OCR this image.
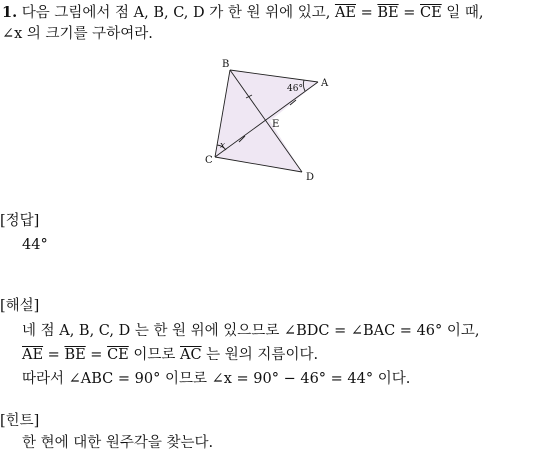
1. 다음 그림에서 점 A, B, C, D 가 한 원 위에 있고, $\overline{AE} = \overline{BE} = \overline{CE}$ 일 때,
∠x 의 크기를 구하여라.
B
A
C
D
E
46°
x
[정답]
44°
[해설]
네 점 A, B, C, D 는 한 원 위에 있으므로 ∠BDC = ∠BAC = 46° 이고,
$\overline{AE} = \overline{BE} = \overline{CE}$ 이므로 $\overline{AC}$ 는 원의 지름이다.
따라서 ∠ABC = 90° 이므로 ∠x = 90° − 46° = 44° 이다.
[힌트]
한 현에 대한 원주각을 찾는다.
